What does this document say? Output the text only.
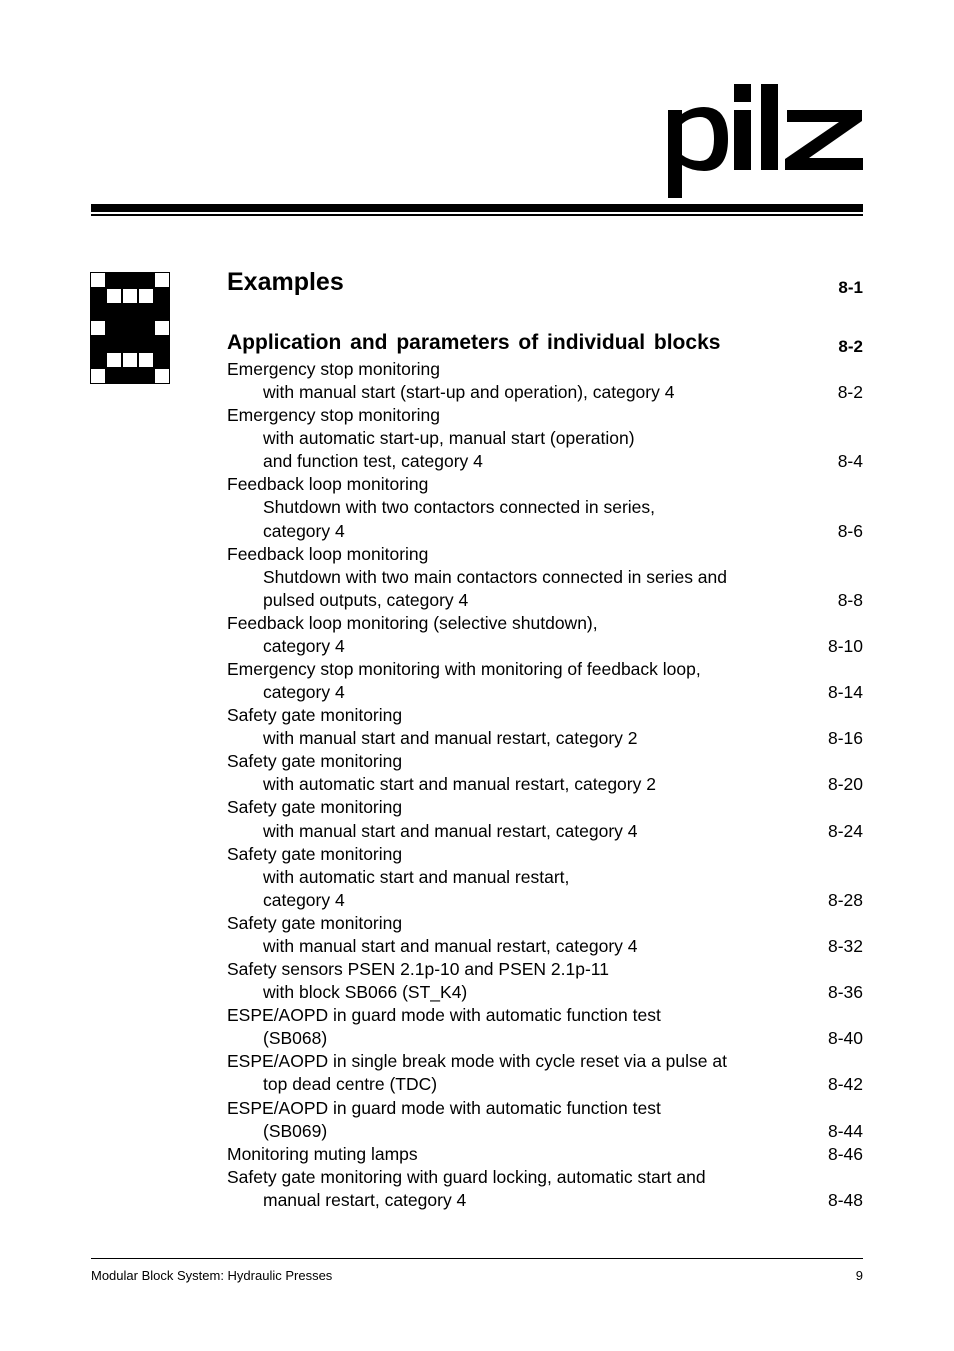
Examples	8-1
Application and parameters of individual blocks	8-2
Emergency stop monitoring
with manual start (start-up and operation), category 4	8-2
Emergency stop monitoring
with automatic start-up, manual start (operation)
and function test, category 4	8-4
Feedback loop monitoring
Shutdown with two contactors connected in series,
category 4	8-6
Feedback loop monitoring
Shutdown with two main contactors connected in series and
pulsed outputs, category 4	8-8
Feedback loop monitoring (selective shutdown),
category 4	8-10
Emergency stop monitoring with monitoring of feedback loop,
category 4	8-14
Safety gate monitoring
with manual start and manual restart, category 2	8-16
Safety gate monitoring
with automatic start and manual restart, category 2	8-20
Safety gate monitoring
with manual start and manual restart, category 4	8-24
Safety gate monitoring
with automatic start and manual restart,
category 4	8-28
Safety gate monitoring
with manual start and manual restart, category 4	8-32
Safety sensors PSEN 2.1p-10 and PSEN 2.1p-11
with block SB066 (ST_K4)	8-36
ESPE/AOPD in guard mode with automatic function test
(SB068)	8-40
ESPE/AOPD in single break mode with cycle reset via a pulse at
top dead centre (TDC)	8-42
ESPE/AOPD in guard mode with automatic function test
(SB069)	8-44
Monitoring muting lamps	8-46
Safety gate monitoring with guard locking, automatic start and
manual restart, category 4	8-48
Modular Block System: Hydraulic Presses	9
